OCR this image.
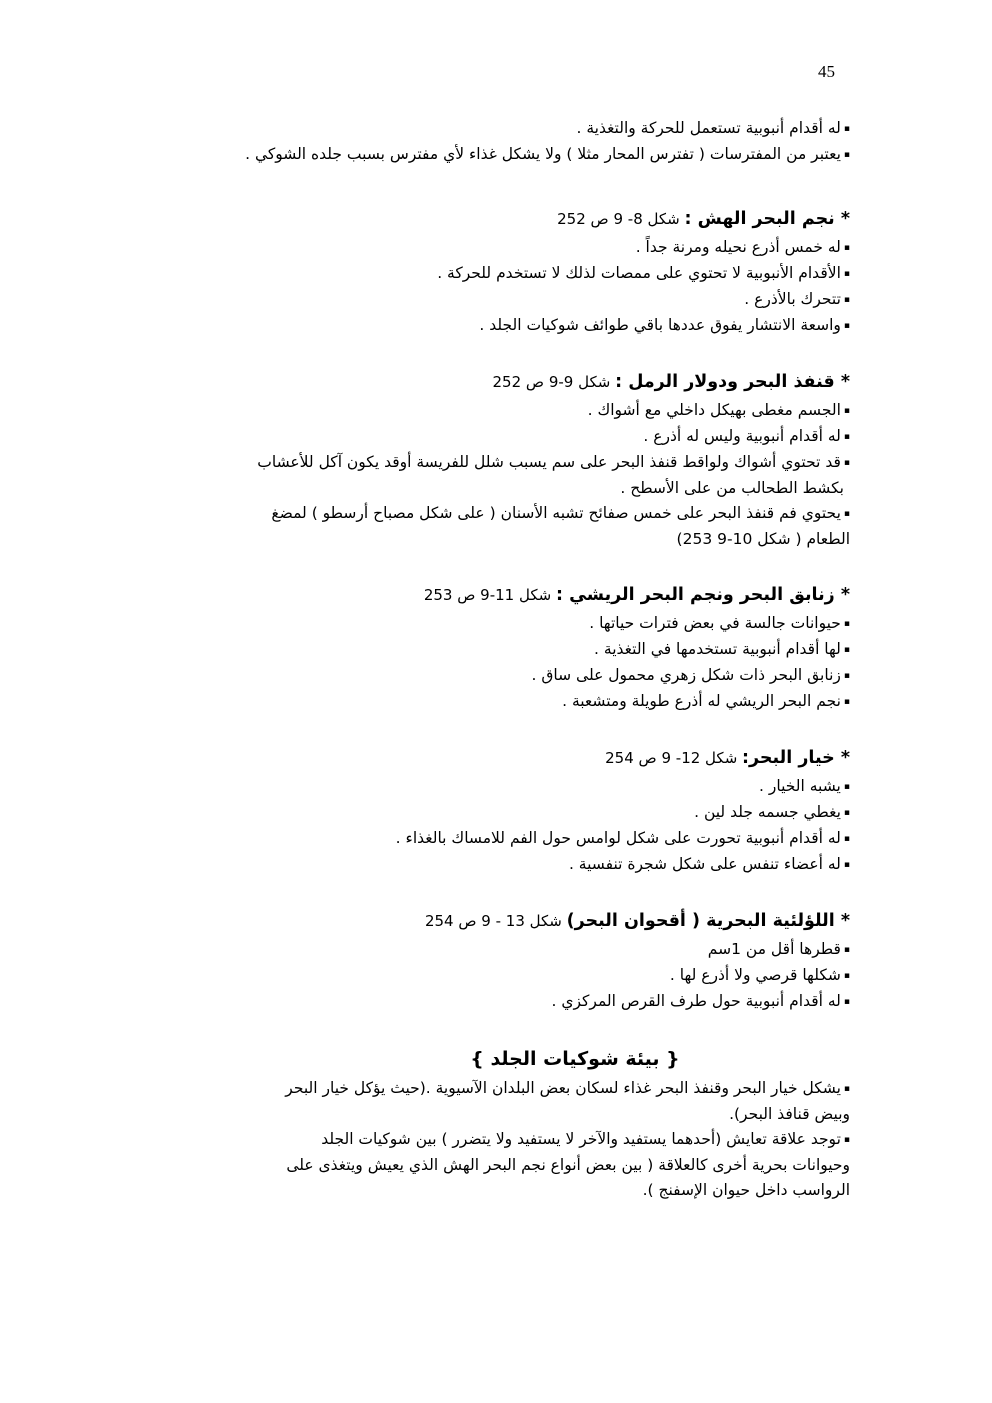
45
▪ له أقدام أنبوبية تستعمل للحركة والتغذية .
▪ يعتبر من المفترسات ( تفترس المحار مثلا ) ولا يشكل غذاء لأي مفترس بسبب جلده الشوكي .
* نجم البحر الهش : شكل 8- 9 ص 252
▪ له خمس أذرع نحيله ومرنة جداً .
▪ الأقدام الأنبوبية لا تحتوي على ممصات لذلك لا تستخدم للحركة .
▪ تتحرك بالأذرع .
▪ واسعة الانتشار يفوق عددها باقي طوائف شوكيات الجلد .
* قنفذ البحر ودولار الرمل : شكل 9-9 ص 252
▪ الجسم مغطى بهيكل داخلي مع أشواك .
▪ له أقدام أنبوبية وليس له أذرع .
▪ قد تحتوي أشواك ولواقط قنفذ البحر على سم يسبب شلل للفريسة أوقد يكون آكل للأعشاب
بكشط الطحالب من على الأسطح .
▪ يحتوي فم قنفذ البحر على خمس صفائح تشبه الأسنان ( على شكل مصباح أرسطو ) لمضغ
الطعام ( شكل 10-9 253)
* زنابق البحر ونجم البحر الريشي : شكل 11-9 ص 253
▪ حيوانات جالسة في بعض فترات حياتها .
▪ لها أقدام أنبوبية تستخدمها في التغذية .
▪ زنابق البحر ذات شكل زهري محمول على ساق .
▪ نجم البحر الريشي له أذرع طويلة ومتشعبة .
* خيار البحر: شكل 12- 9 ص 254
▪ يشبه الخيار .
▪ يغطي جسمه جلد لين .
▪ له أقدام أنبوبية تحورت على شكل لوامس حول الفم للامساك بالغذاء .
▪ له أعضاء تنفس على شكل شجرة تنفسية .
* اللؤلئية البحرية ( أقحوان البحر) شكل 13 - 9 ص 254
▪ قطرها أقل من 1سم
▪ شكلها قرصي ولا أذرع لها .
▪ له أقدام أنبوبية حول طرف القرص المركزي .
{ بيئة شوكيات الجلد }
▪ يشكل خيار البحر وقنفذ البحر غذاء لسكان بعض البلدان الآسيوية .(حيث يؤكل خيار البحر
وبيض قنافذ البحر).
▪ توجد علاقة تعايش (أحدهما يستفيد والآخر لا يستفيد ولا يتضرر ) بين شوكيات الجلد
وحيوانات بحرية أخرى كالعلاقة ( بين بعض أنواع نجم البحر الهش الذي يعيش ويتغذى على
الرواسب داخل حيوان الإسفنج ).
